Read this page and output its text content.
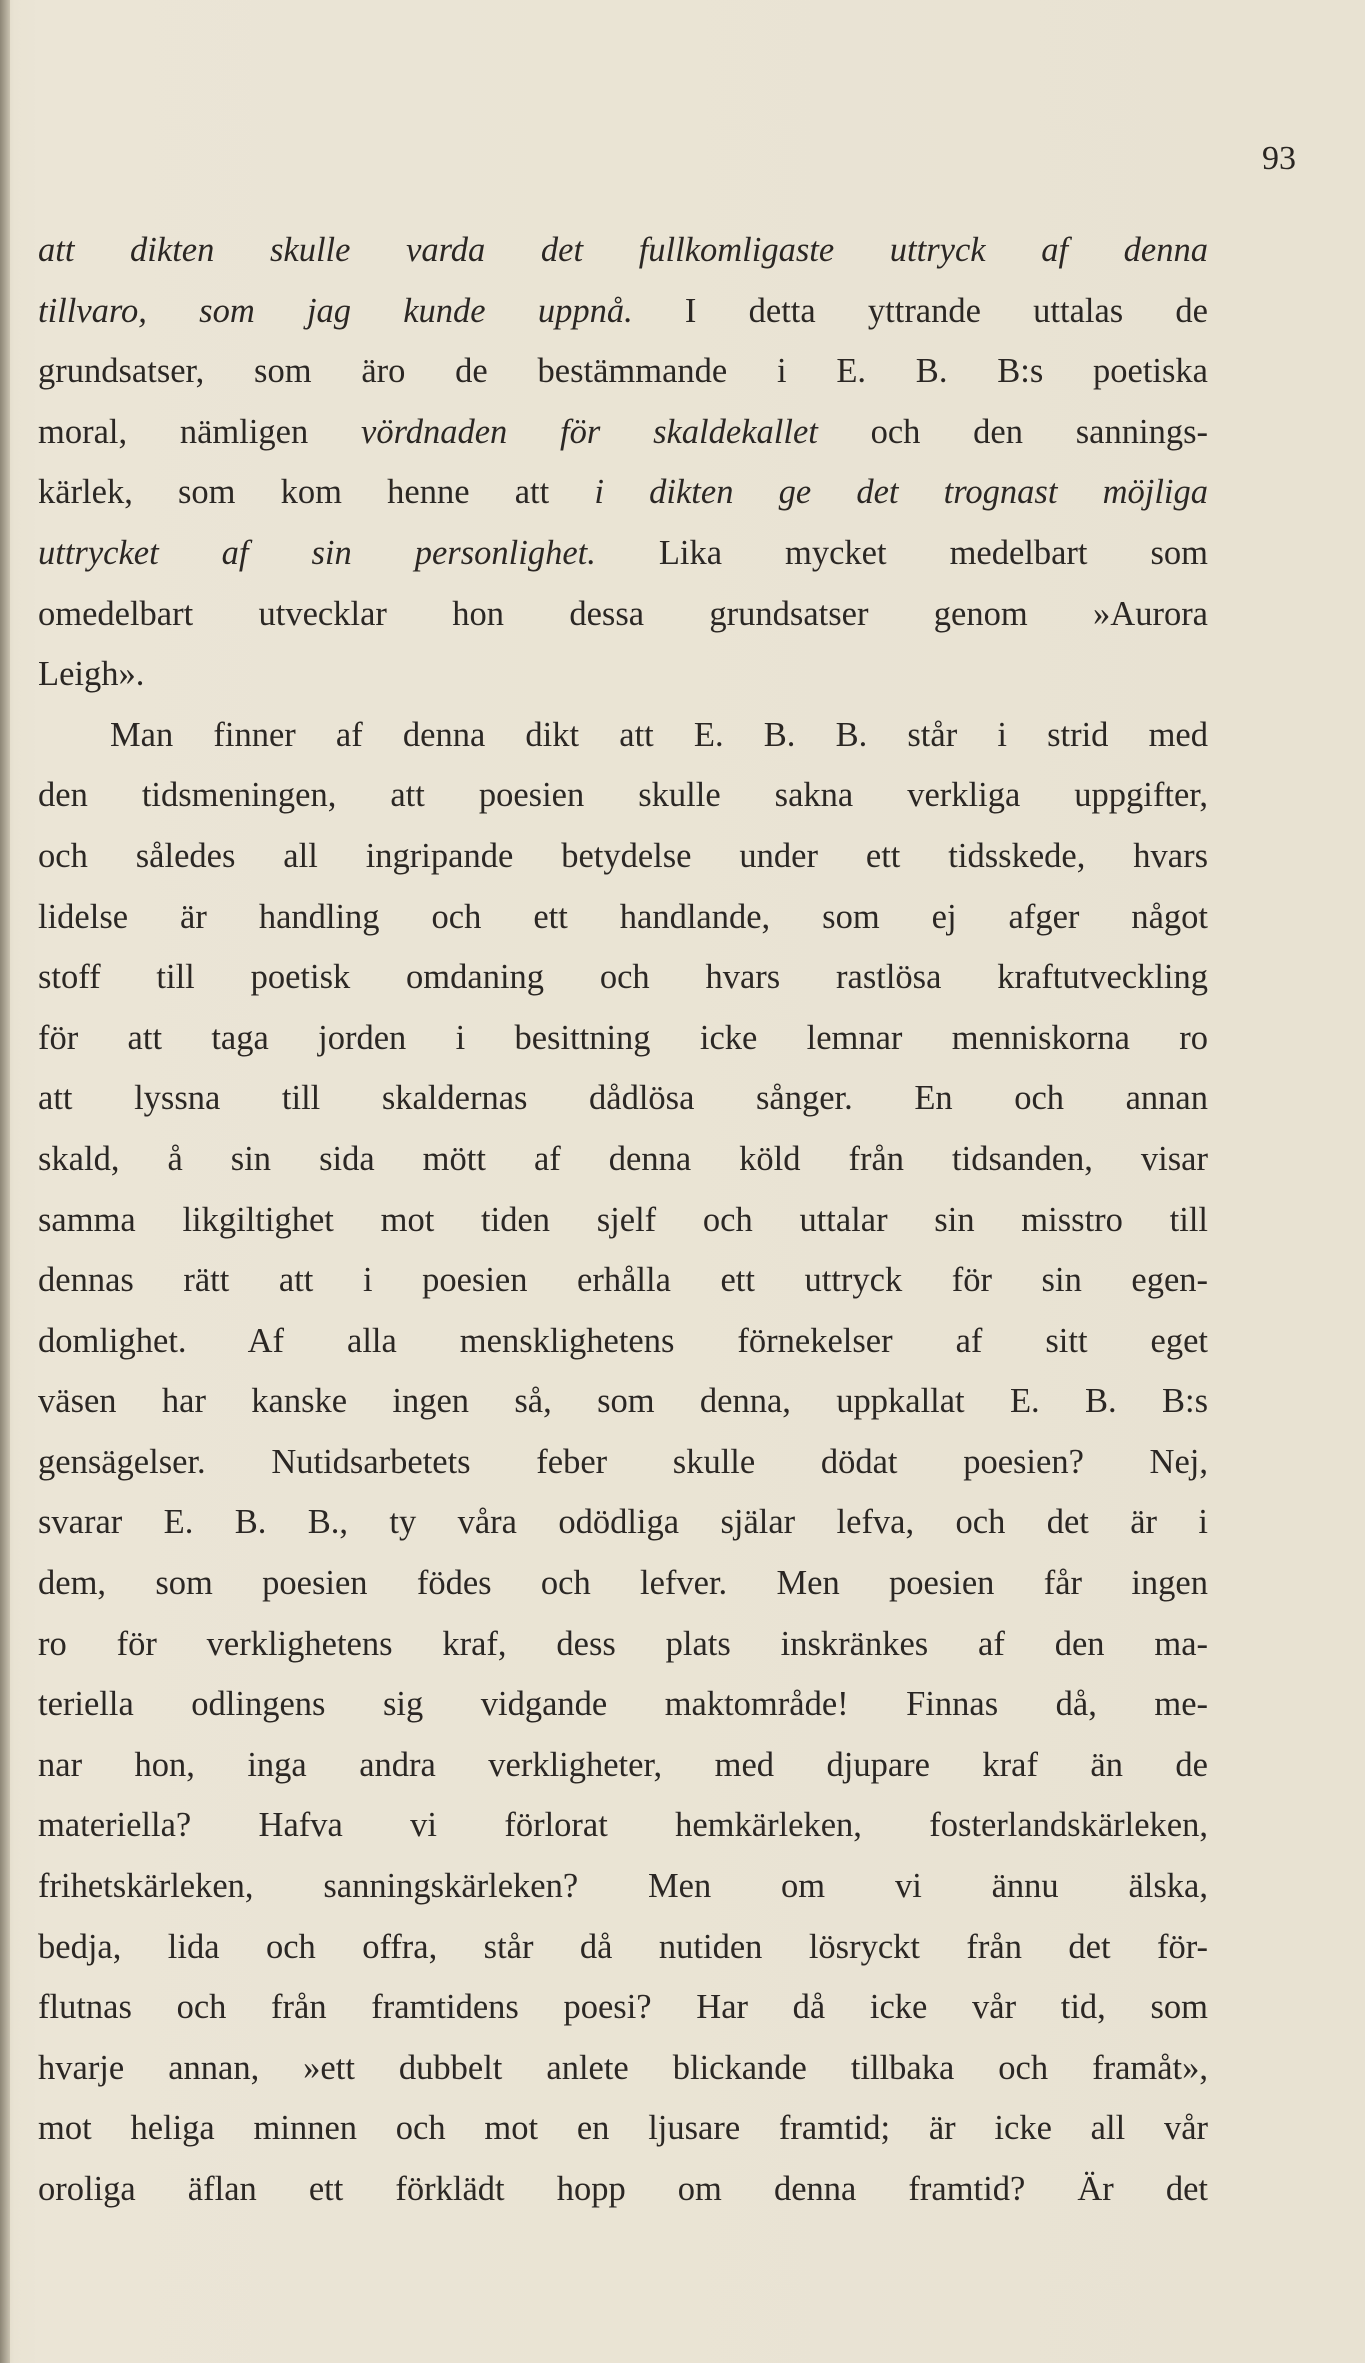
93
att dikten skulle varda det fullkomligaste uttryck af denna
tillvaro, som jag kunde uppnå. I detta yttrande uttalas de
grundsatser, som äro de bestämmande i E. B. B:s poetiska
moral, nämligen vördnaden för skaldekallet och den sannings-
kärlek, som kom henne att i dikten ge det trognast möjliga
uttrycket af sin personlighet. Lika mycket medelbart som
omedelbart utvecklar hon dessa grundsatser genom »Aurora
Leigh».
Man finner af denna dikt att E. B. B. står i strid med
den tidsmeningen, att poesien skulle sakna verkliga uppgifter,
och således all ingripande betydelse under ett tidsskede, hvars
lidelse är handling och ett handlande, som ej afger något
stoff till poetisk omdaning och hvars rastlösa kraftutveckling
för att taga jorden i besittning icke lemnar menniskorna ro
att lyssna till skaldernas dådlösa sånger. En och annan
skald, å sin sida mött af denna köld från tidsanden, visar
samma likgiltighet mot tiden sjelf och uttalar sin misstro till
dennas rätt att i poesien erhålla ett uttryck för sin egen-
domlighet. Af alla mensklighetens förnekelser af sitt eget
väsen har kanske ingen så, som denna, uppkallat E. B. B:s
gensägelser. Nutidsarbetets feber skulle dödat poesien? Nej,
svarar E. B. B., ty våra odödliga själar lefva, och det är i
dem, som poesien födes och lefver. Men poesien får ingen
ro för verklighetens kraf, dess plats inskränkes af den ma-
teriella odlingens sig vidgande maktområde! Finnas då, me-
nar hon, inga andra verkligheter, med djupare kraf än de
materiella? Hafva vi förlorat hemkärleken, fosterlandskärleken,
frihetskärleken, sanningskärleken? Men om vi ännu älska,
bedja, lida och offra, står då nutiden lösryckt från det för-
flutnas och från framtidens poesi? Har då icke vår tid, som
hvarje annan, »ett dubbelt anlete blickande tillbaka och framåt»,
mot heliga minnen och mot en ljusare framtid; är icke all vår
oroliga äflan ett förklädt hopp om denna framtid? Är det
